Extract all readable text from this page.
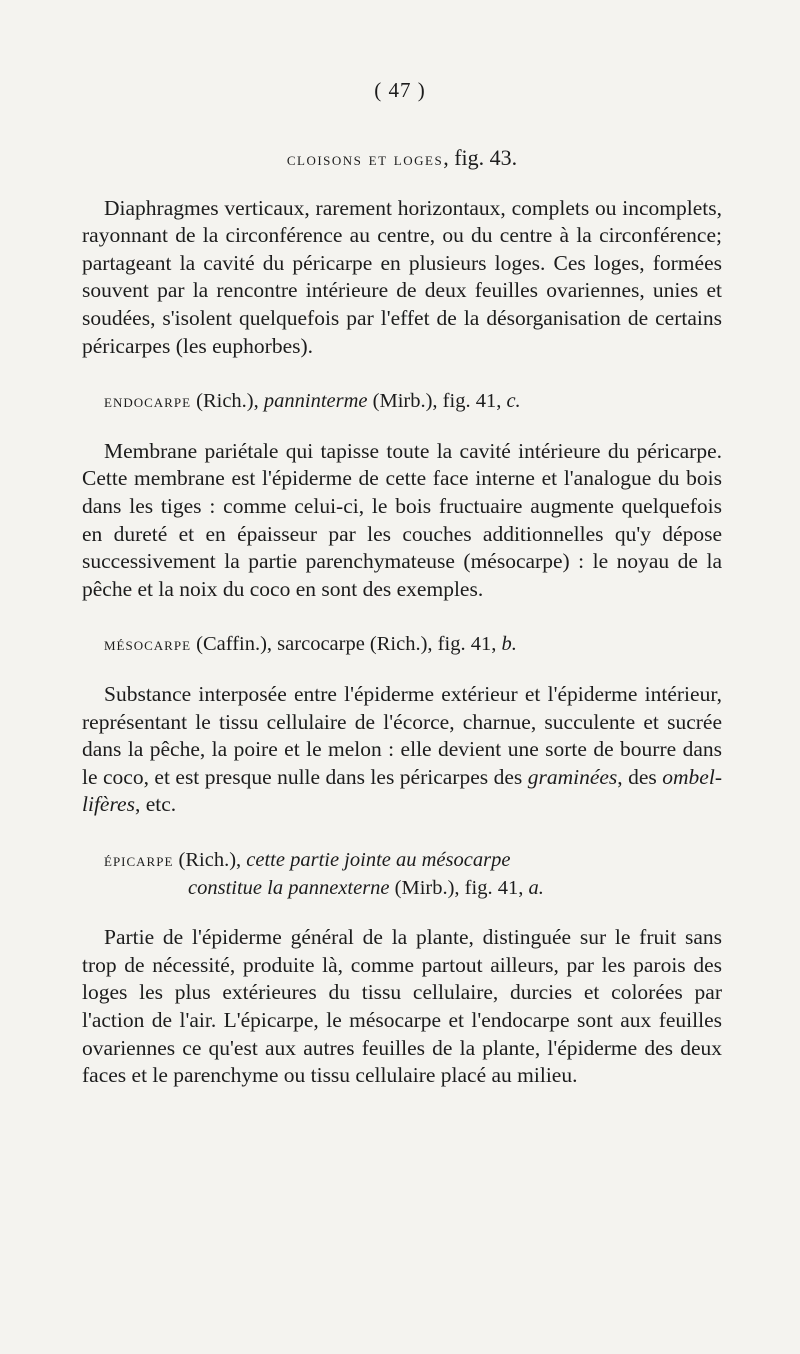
( 47 )
cloisons et loges, fig. 43.

Diaphragmes verticaux, rarement horizontaux, complets ou incomplets, rayonnant de la circonférence au centre, ou du centre à la circonférence; partageant la cavité du péricarpe en plusieurs loges. Ces loges, formées souvent par la rencontre intérieure de deux feuilles ovariennes, unies et soudées, s'isolent quelquefois par l'effet de la désorganisation de certains péricarpes (les euphorbes).

endocarpe (Rich.), panninterme (Mirb.), fig. 41, c.

Membrane pariétale qui tapisse toute la cavité intérieure du péricarpe. Cette membrane est l'épiderme de cette face interne et l'analogue du bois dans les tiges : comme celui-ci, le bois fructuaire augmente quelquefois en dureté et en épaisseur par les couches additionnelles qu'y dépose successivement la partie parenchymateuse (mésocarpe) : le noyau de la pêche et la noix du coco en sont des exemples.

mésocarpe (Caffin.), sarcocarpe (Rich.), fig. 41, b.

Substance interposée entre l'épiderme extérieur et l'épiderme intérieur, représentant le tissu cellulaire de l'écorce, charnue, succulente et sucrée dans la pêche, la poire et le melon : elle devient une sorte de bourre dans le coco, et est presque nulle dans les péricarpes des graminées, des ombellifères, etc.

épicarpe (Rich.), cette partie jointe au mésocarpe
constitue la pannexterne (Mirb.), fig. 41, a.

Partie de l'épiderme général de la plante, distinguée sur le fruit sans trop de nécessité, produite là, comme partout ailleurs, par les parois des loges les plus extérieures du tissu cellulaire, durcies et colorées par l'action de l'air. L'épicarpe, le mésocarpe et l'endocarpe sont aux feuilles ovariennes ce qu'est aux autres feuilles de la plante, l'épiderme des deux faces et le parenchyme ou tissu cellulaire placé au milieu.
